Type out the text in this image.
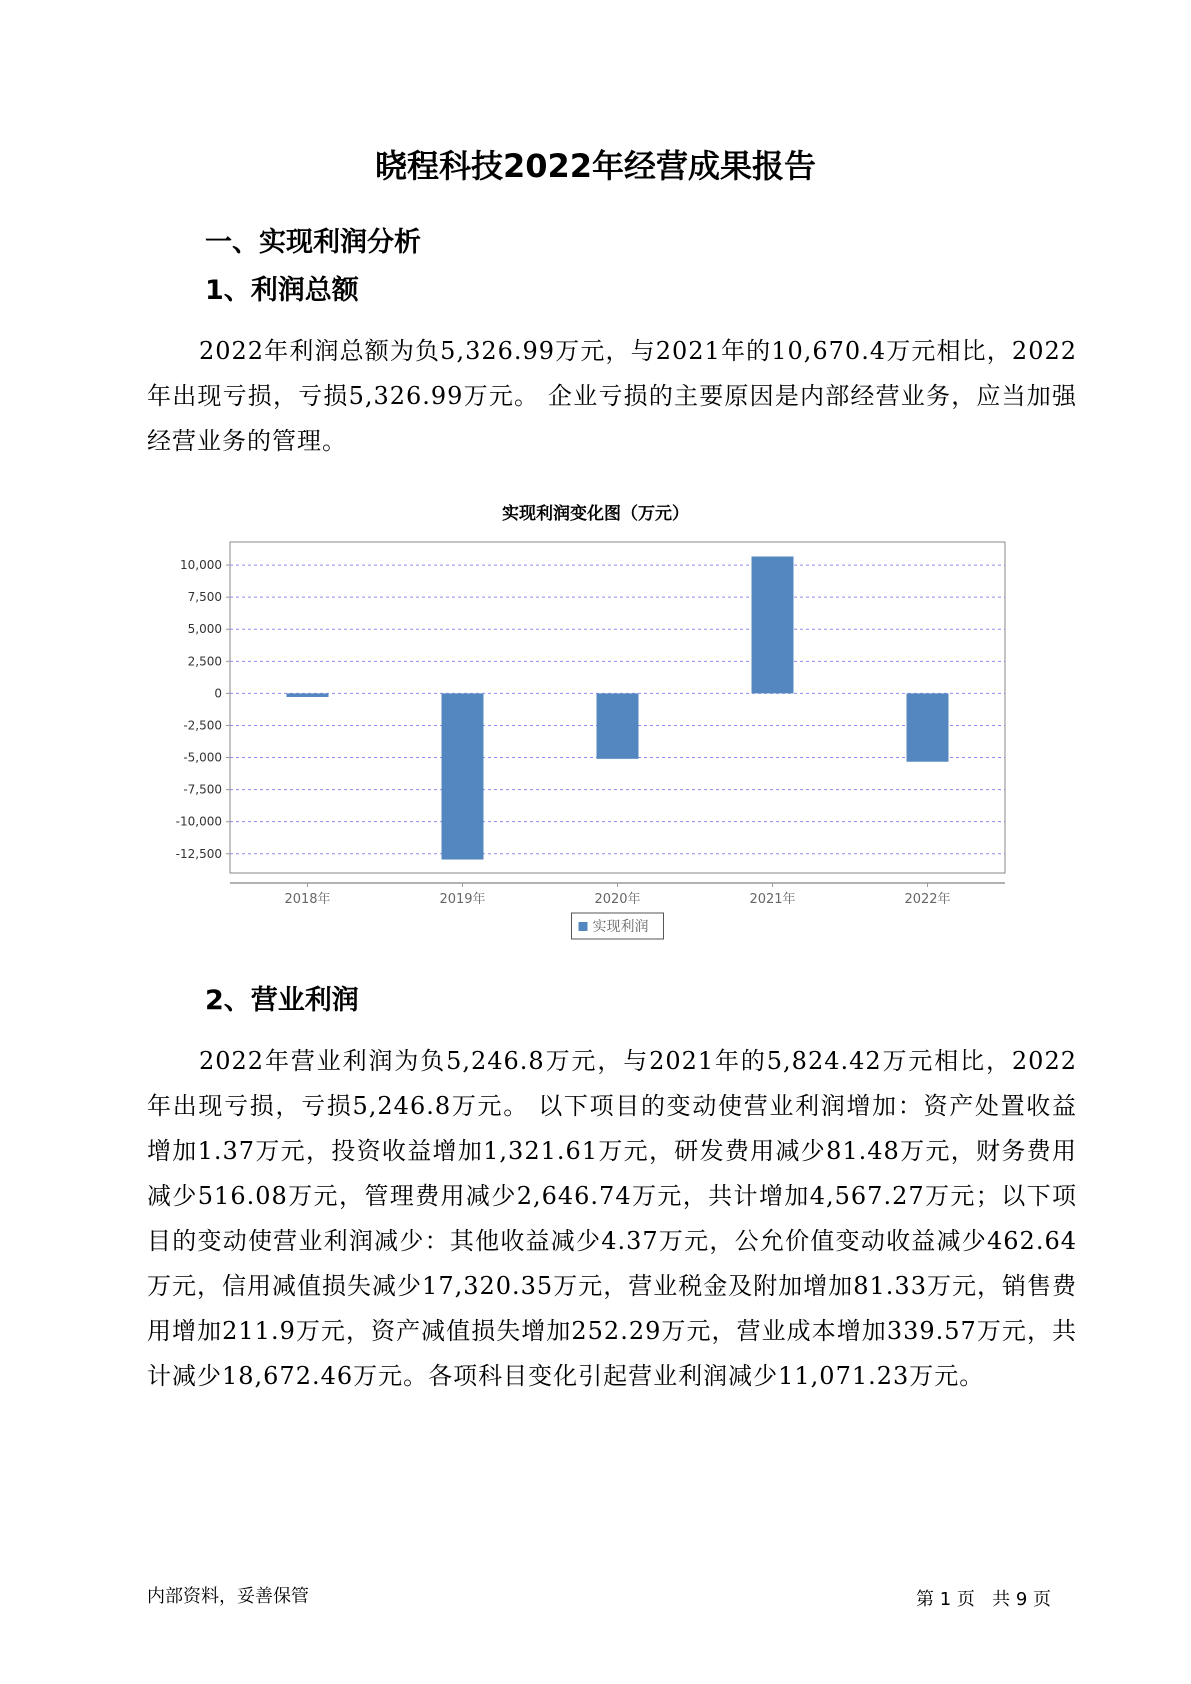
晓程科技2022年经营成果报告
一、实现利润分析
1、利润总额
2022年利润总额为负5,326.99万元，与2021年的10,670.4万元相比，2022年出现亏损，亏损5,326.99万元。 企业亏损的主要原因是内部经营业务，应当加强经营业务的管理。
实现利润变化图（万元）
10,000
7,500
5,000
2,500
0
-2,500
-5,000
-7,500
-10,000
-12,500
2018年	2019年	2020年	2021年	2022年
实现利润
2、营业利润
2022年营业利润为负5,246.8万元，与2021年的5,824.42万元相比，2022年出现亏损，亏损5,246.8万元。 以下项目的变动使营业利润增加：资产处置收益增加1.37万元，投资收益增加1,321.61万元，研发费用减少81.48万元，财务费用减少516.08万元，管理费用减少2,646.74万元，共计增加4,567.27万元；以下项目的变动使营业利润减少：其他收益减少4.37万元，公允价值变动收益减少462.64万元，信用减值损失减少17,320.35万元，营业税金及附加增加81.33万元，销售费用增加211.9万元，资产减值损失增加252.29万元，营业成本增加339.57万元，共计减少18,672.46万元。各项科目变化引起营业利润减少11,071.23万元。
内部资料，妥善保管	第 1 页   共 9 页
